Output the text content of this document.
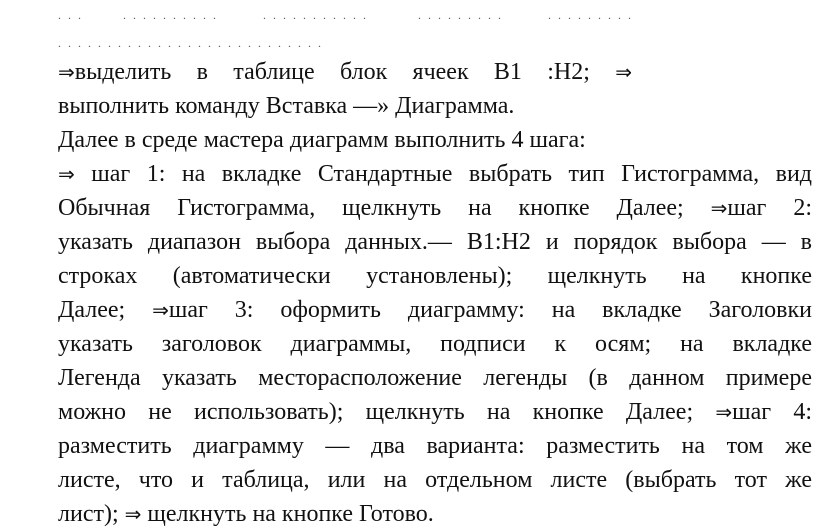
. . .        . . . . . . . . . .         . . . . . . . . . . .          . . . . . . . . .         . . . . . . . . .
. . . . . . . . . . . . . . . . . . . . . . . . . . .
⇒выделить в таблице блок ячеек В1 :Н2; ⇒
выполнить команду Вставка —» Диаграмма.
Далее в среде мастера диаграмм выполнить 4 шага:
⇒ шаг 1: на вкладке Стандартные выбрать тип Гистограмма, вид
Обычная Гистограмма, щелкнуть на кнопке Далее; ⇒шаг 2:
указать диапазон выбора данных.— В1:Н2 и порядок выбора — в
строках (автоматически установлены); щелкнуть на кнопке
Далее; ⇒шаг 3: оформить диаграмму: на вкладке Заголовки
указать заголовок диаграммы, подписи к осям; на вкладке
Легенда указать месторасположение легенды (в данном примере
можно не использовать); щелкнуть на кнопке Далее; ⇒шаг 4:
разместить диаграмму — два варианта: разместить на том же
листе, что и таблица, или на отдельном листе (выбрать тот же
лист); ⇒ щелкнуть на кнопке Готово.
